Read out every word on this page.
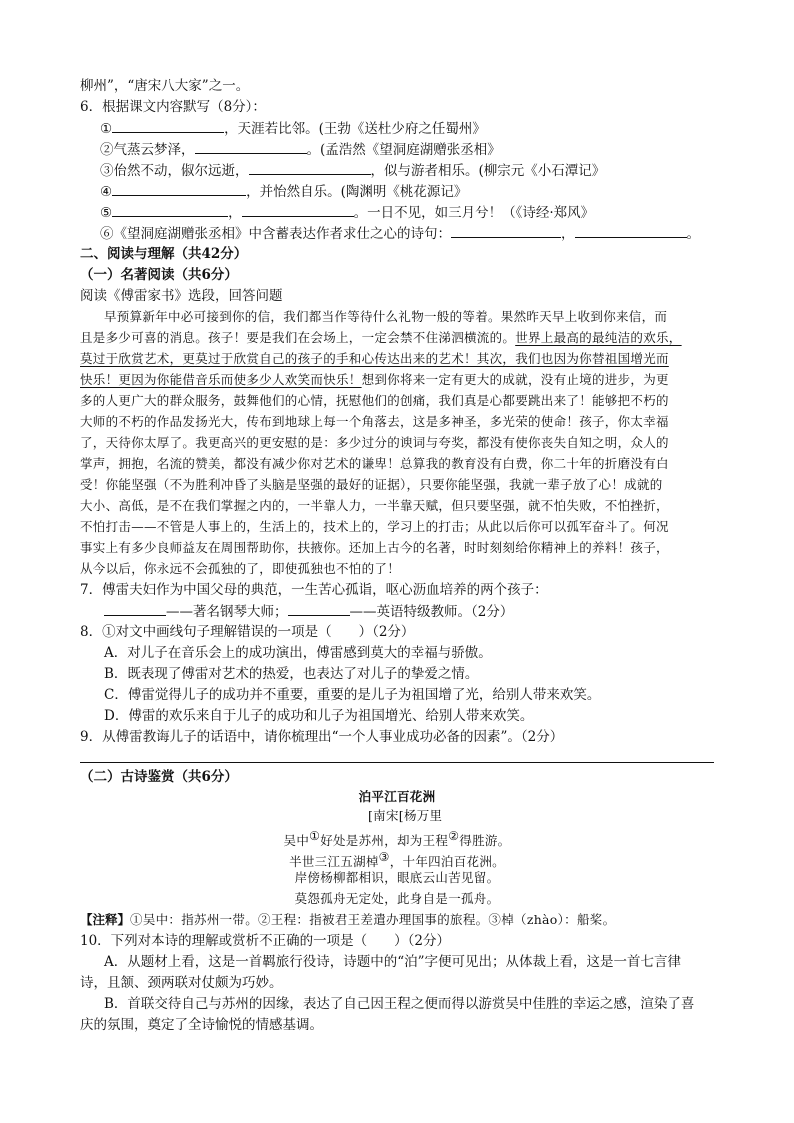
柳州”，“唐宋八大家”之一。
6．根据课文内容默写（8分）：
①	，天涯若比邻。(王勃《送杜少府之任蜀州》
②气蒸云梦泽，	。(孟浩然《望洞庭湖赠张丞相》
③佁然不动，俶尔远逝，	，似与游者相乐。(柳宗元《小石潭记》
④	，并怡然自乐。(陶渊明《桃花源记》
⑤	，	。一日不见，如三月兮！（《诗经·郑风》
⑥《望洞庭湖赠张丞相》中含蓄表达作者求仕之心的诗句：	，	。
二、阅读与理解（共42分）
（一）名著阅读（共6分）
阅读《傅雷家书》选段，回答问题
早预算新年中必可接到你的信，我们都当作等待什么礼物一般的等着。果然昨天早上收到你来信，而
且是多少可喜的消息。孩子！要是我们在会场上，一定会禁不住涕泗横流的。世界上最高的最纯洁的欢乐，
莫过于欣赏艺术，更莫过于欣赏自己的孩子的手和心传达出来的艺术！其次，我们也因为你替祖国增光而
快乐！更因为你能借音乐而使多少人欢笑而快乐！想到你将来一定有更大的成就，没有止境的进步，为更
多的人更广大的群众服务，鼓舞他们的心情，抚慰他们的创痛，我们真是心都要跳出来了！能够把不朽的
大师的不朽的作品发扬光大，传布到地球上每一个角落去，这是多神圣，多光荣的使命！孩子，你太幸福
了，天待你太厚了。我更高兴的更安慰的是：多少过分的谀词与夸奖，都没有使你丧失自知之明，众人的
掌声，拥抱，名流的赞美，都没有减少你对艺术的谦卑！总算我的教育没有白费，你二十年的折磨没有白
受！你能坚强（不为胜利冲昏了头脑是坚强的最好的证据），只要你能坚强，我就一辈子放了心！成就的
大小、高低，是不在我们掌握之内的，一半靠人力，一半靠天赋，但只要坚强，就不怕失败，不怕挫折，
不怕打击——不管是人事上的，生活上的，技术上的，学习上的打击；从此以后你可以孤军奋斗了。何况
事实上有多少良师益友在周围帮助你，扶掖你。还加上古今的名著，时时刻刻给你精神上的养料！孩子，
从今以后，你永远不会孤独的了，即使孤独也不怕的了！
7．傅雷夫妇作为中国父母的典范，一生苦心孤诣，呕心沥血培养的两个孩子：
——著名钢琴大师；	——英语特级教师。（2分）
8．①对文中画线句子理解错误的一项是（　　）（2分）
A．对儿子在音乐会上的成功演出，傅雷感到莫大的幸福与骄傲。
B．既表现了傅雷对艺术的热爱，也表达了对儿子的挚爱之情。
C．傅雷觉得儿子的成功并不重要，重要的是儿子为祖国增了光，给别人带来欢笑。
D．傅雷的欢乐来自于儿子的成功和儿子为祖国增光、给别人带来欢笑。
9．从傅雷教诲儿子的话语中，请你梳理出“一个人事业成功必备的因素”。（2分）
（二）古诗鉴赏（共6分）
泊平江百花洲
[南宋[杨万里
吴中①好处是苏州，却为王程②得胜游。
半世三江五湖棹③，十年四泊百花洲。
岸傍杨柳都相识，眼底云山苦见留。
莫怨孤舟无定处，此身自是一孤舟。
【注释】①吴中：指苏州一带。②王程：指被君王差遣办理国事的旅程。③棹（zhào）：船桨。
10．下列对本诗的理解或赏析不正确的一项是（　　）（2分）
A．从题材上看，这是一首羁旅行役诗，诗题中的“泊”字便可见出；从体裁上看，这是一首七言律
诗，且颔、颈两联对仗颇为巧妙。
B．首联交待自己与苏州的因缘，表达了自己因王程之便而得以游赏吴中佳胜的幸运之感，渲染了喜
庆的氛围，奠定了全诗愉悦的情感基调。
